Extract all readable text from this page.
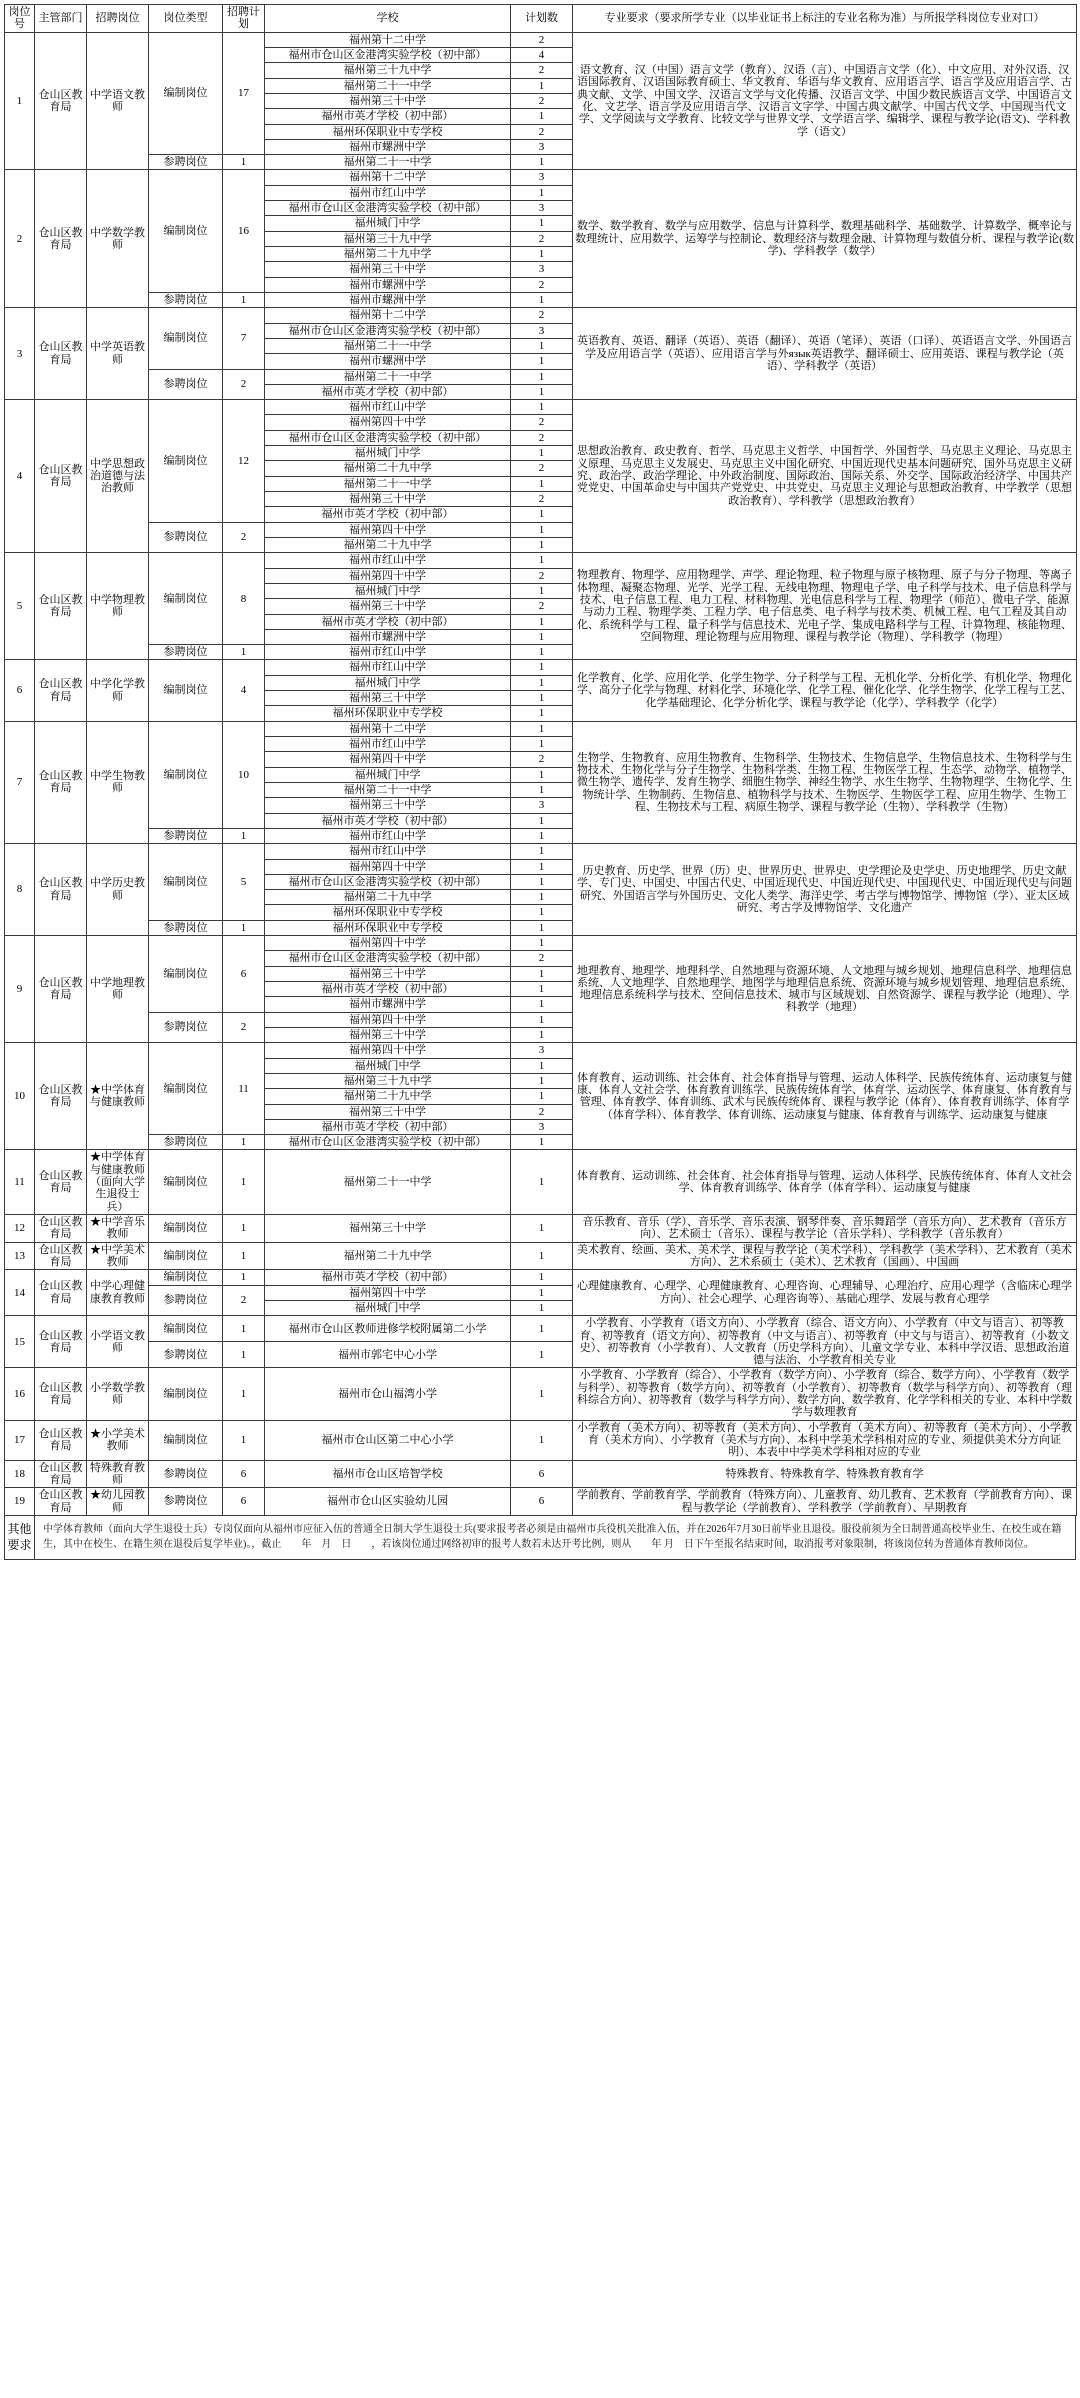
岗位号	主管部门	招聘岗位	岗位类型	招聘计划	学校	计划数	专业要求（要求所学专业（以毕业证书上标注的专业名称为准）与所报学科岗位专业对口）
1	仓山区教育局	中学语文教师	编制岗位	17	福州第十二中学	2	语文教育、汉（中国）语言文学（教育）、汉语（言）、中国语言文学（化）、中文应用、对外汉语、汉语国际教育、汉语国际教育硕士、华文教育、华语与华文教育、应用语言学、语言学及应用语言学、古典文献、文学、中国文学、汉语言文学与文化传播、汉语言文学、中国少数民族语言文学、中国语言文化、文艺学、语言学及应用语言学、汉语言文字学、中国古典文献学、中国古代文学、中国现当代文学、文学阅读与文学教育、比较文学与世界文学、文学语言学、编辑学、课程与教学论(语文)、学科教学（语文）
					福州市仓山区金港湾实验学校（初中部）	4	
					福州第三十九中学	2	
					福州第二十一中学	1	
					福州第三十中学	2	
					福州市英才学校（初中部）	1	
					福州环保职业中专学校	2	
					福州市螺洲中学	3	
			参聘岗位	1	福州第二十一中学	1	
2	仓山区教育局	中学数学教师	编制岗位	16	福州第十二中学	3	数学、数学教育、数学与应用数学、信息与计算科学、数理基础科学、基础数学、计算数学、概率论与数理统计、应用数学、运筹学与控制论、数理经济与数理金融、计算物理与数值分析、课程与教学论(数学)、学科教学（数学）
					福州市红山中学	1	
					福州市仓山区金港湾实验学校（初中部）	3	
					福州城门中学	1	
					福州第三十九中学	2	
					福州第二十九中学	1	
					福州第三十中学	3	
					福州市螺洲中学	2	
			参聘岗位	1	福州市螺洲中学	1	
3	仓山区教育局	中学英语教师	编制岗位	7	福州第十二中学	2	英语教育、英语、翻译（英语）、英语（翻译）、英语（笔译）、英语（口译）、英语语言文学、外国语言学及应用语言学（英语）、应用语言学与外язык英语教学、翻译硕士、应用英语、课程与教学论（英语）、学科教学（英语）
					福州市仓山区金港湾实验学校（初中部）	3	
					福州第二十一中学	1	
					福州市螺洲中学	1	
			参聘岗位	2	福州第二十一中学	1	
					福州市英才学校（初中部）	1	
4	仓山区教育局	中学思想政治道德与法治教师	编制岗位	12	福州市红山中学	1	思想政治教育、政史教育、哲学、马克思主义哲学、中国哲学、外国哲学、马克思主义理论、马克思主义原理、马克思主义发展史、马克思主义中国化研究、中国近现代史基本问题研究、国外马克思主义研究、政治学、政治学理论、中外政治制度、国际政治、国际关系、外交学、国际政治经济学、中国共产党党史、中国革命史与中国共产党党史、中共党史、马克思主义理论与思想政治教育、中学教学（思想政治教育）、学科教学（思想政治教育）
					福州第四十中学	2	
					福州市仓山区金港湾实验学校（初中部）	2	
					福州城门中学	1	
					福州第二十九中学	2	
					福州第二十一中学	1	
					福州第三十中学	2	
					福州市英才学校（初中部）	1	
			参聘岗位	2	福州第四十中学	1	
					福州第二十九中学	1	
5	仓山区教育局	中学物理教师	编制岗位	8	福州市红山中学	1	物理教育、物理学、应用物理学、声学、理论物理、粒子物理与原子核物理、原子与分子物理、等离子体物理、凝聚态物理、光学、光学工程、无线电物理、物理电子学、电子科学与技术、电子信息科学与技术、电子信息工程、电力工程、材料物理、光电信息科学与工程、物理学（师范）、微电子学、能源与动力工程、物理学类、工程力学、电子信息类、电子科学与技术类、机械工程、电气工程及其自动化、系统科学与工程、量子科学与信息技术、光电子学、集成电路科学与工程、计算物理、核能物理、空间物理、理论物理与应用物理、课程与教学论（物理）、学科教学（物理）
					福州第四十中学	2	
					福州城门中学	1	
					福州第三十中学	2	
					福州市英才学校（初中部）	1	
					福州市螺洲中学	1	
			参聘岗位	1	福州市红山中学	1	
6	仓山区教育局	中学化学教师	编制岗位	4	福州市红山中学	1	化学教育、化学、应用化学、化学生物学、分子科学与工程、无机化学、分析化学、有机化学、物理化学、高分子化学与物理、材料化学、环境化学、化学工程、催化化学、化学生物学、化学工程与工艺、化学基础理论、化学分析化学、课程与教学论（化学）、学科教学（化学）
					福州城门中学	1	
					福州第三十中学	1	
					福州环保职业中专学校	1	
7	仓山区教育局	中学生物教师	编制岗位	10	福州第十二中学	1	生物学、生物教育、应用生物教育、生物科学、生物技术、生物信息学、生物信息技术、生物科学与生物技术、生物化学与分子生物学、生物科学类、生物工程、生物医学工程、生态学、动物学、植物学、微生物学、遗传学、发育生物学、细胞生物学、神经生物学、水生生物学、生物物理学、生物化学、生物统计学、生物制药、生物信息、植物科学与技术、生物医学、生物医学工程、应用生物学、生物工程、生物技术与工程、病原生物学、课程与教学论（生物）、学科教学（生物）
					福州市红山中学	1	
					福州第四十中学	2	
					福州城门中学	1	
					福州第二十一中学	1	
					福州第三十中学	3	
					福州市英才学校（初中部）	1	
			参聘岗位	1	福州市红山中学	1	
8	仓山区教育局	中学历史教师	编制岗位	5	福州市红山中学	1	历史教育、历史学、世界（历）史、世界历史、世界史、史学理论及史学史、历史地理学、历史文献学、专门史、中国史、中国古代史、中国近现代史、中国近现代史、中国现代史、中国近现代史与问题研究、外国语言学与外国历史、文化人类学、海洋史学、考古学与博物馆学、博物馆（学）、亚太区域研究、考古学及博物馆学、文化遗产
					福州第四十中学	1	
					福州市仓山区金港湾实验学校（初中部）	1	
					福州第二十九中学	1	
					福州环保职业中专学校	1	
			参聘岗位	1	福州环保职业中专学校	1	
9	仓山区教育局	中学地理教师	编制岗位	6	福州第四十中学	1	地理教育、地理学、地理科学、自然地理与资源环境、人文地理与城乡规划、地理信息科学、地理信息系统、人文地理学、自然地理学、地图学与地理信息系统、资源环境与城乡规划管理、地理信息系统、地理信息系统科学与技术、空间信息技术、城市与区域规划、自然资源学、课程与教学论（地理）、学科教学（地理）
					福州市仓山区金港湾实验学校（初中部）	2	
					福州第三十中学	1	
					福州市英才学校（初中部）	1	
					福州市螺洲中学	1	
			参聘岗位	2	福州第四十中学	1	
					福州第三十中学	1	
10	仓山区教育局	★中学体育与健康教师	编制岗位	11	福州第四十中学	3	体育教育、运动训练、社会体育、社会体育指导与管理、运动人体科学、民族传统体育、运动康复与健康、体育人文社会学、体育教育训练学、民族传统体育学、体育学、运动医学、体育康复、体育教育与管理、体育教学、体育训练、武术与民族传统体育、课程与教学论（体育）、体育教育训练学、体育学（体育学科）、体育教学、体育训练、运动康复与健康、体育教育与训练学、运动康复与健康
					福州城门中学	1	
					福州第三十九中学	1	
					福州第二十九中学	1	
					福州第三十中学	2	
					福州市英才学校（初中部）	3	
			参聘岗位	1	福州市仓山区金港湾实验学校（初中部）	1	
11	仓山区教育局	★中学体育与健康教师（面向大学生退役士兵）	编制岗位	1	福州第二十一中学	1	体育教育、运动训练、社会体育、社会体育指导与管理、运动人体科学、民族传统体育、体育人文社会学、体育教育训练学、体育学（体育学科）、运动康复与健康
12	仓山区教育局	★中学音乐教师	编制岗位	1	福州第三十中学	1	音乐教育、音乐（学）、音乐学、音乐表演、钢琴伴奏、音乐舞蹈学（音乐方向）、艺术教育（音乐方向）、艺术硕士（音乐）、课程与教学论（音乐学科）、学科教学（音乐教育）
13	仓山区教育局	★中学美术教师	编制岗位	1	福州第二十九中学	1	美术教育、绘画、美术、美术学、课程与教学论（美术学科）、学科教学（美术学科）、艺术教育（美术方向）、艺术系硕士（美术）、艺术教育（国画）、中国画
14	仓山区教育局	中学心理健康教育教师	编制岗位	1	福州市英才学校（初中部）	1	心理健康教育、心理学、心理健康教育、心理咨询、心理辅导、心理治疗、应用心理学（含临床心理学方向）、社会心理学、心理咨询等）、基础心理学、发展与教育心理学
			参聘岗位	2	福州第四十中学	1	
					福州城门中学	1	
15	仓山区教育局	小学语文教师	编制岗位	1	福州市仓山区教师进修学校附属第二小学	1	小学教育、小学教育（语文方向）、小学教育（综合、语文方向）、小学教育（中文与语言）、初等教育、初等教育（语文方向）、初等教育（中文与语言）、初等教育（中文与与语言）、初等教育（小数文史）、初等教育（小学教育）、人文教育（历史学科方向）、儿童文学专业、本科中学汉语、思想政治道德与法治、小学教育相关专业
			参聘岗位	1	福州市郭宅中心小学	1	
16	仓山区教育局	小学数学教师	编制岗位	1	福州市仓山福湾小学	1	小学教育、小学教育（综合）、小学教育（数学方向）、小学教育（综合、数学方向）、小学教育（数学与科学）、初等教育（数学方向）、初等教育（小学教育）、初等教育（数学与科学方向）、初等教育（理科综合方向）、初等教育（数学与科学方向）、数学方向、数学教育、化学学科相关的专业、本科中学数学与数理教育
17	仓山区教育局	★小学美术教师	编制岗位	1	福州市仓山区第二中心小学	1	小学教育（美术方向）、初等教育（美术方向）、小学教育（美术方向）、初等教育（美术方向）、小学教育（美术方向）、小学教育（美术与方向）、本科中学美术学科相对应的专业、须提供美术分方向证明）、本表中中学美术学科相对应的专业
18	仓山区教育局	特殊教育教师	参聘岗位	6	福州市仓山区培智学校	6	特殊教育、特殊教育学、特殊教育教育学
19	仓山区教育局	★幼儿园教师	参聘岗位	6	福州市仓山区实验幼儿园	6	学前教育、学前教育学、学前教育（特殊方向）、儿童教育、幼儿教育、艺术教育（学前教育方向）、课程与教学论（学前教育）、学科教学（学前教育）、早期教育
其他要求	中学体育教师（面向大学生退役士兵）专岗仅面向从福州市应征入伍的普通全日制大学生退役士兵(要求报考者必须是由福州市兵役机关批准入伍，并在2026年7月30日前毕业且退役。服役前须为全日制普通高校毕业生、在校生或在籍生，其中在校生、在籍生须在退役后复学毕业)。，截止　　年　月　日　　，若该岗位通过网络初审的报考人数若未达开考比例，则从　　年 月　日下午至报名结束时间，取消报考对象限制，将该岗位转为普通体育教师岗位。
